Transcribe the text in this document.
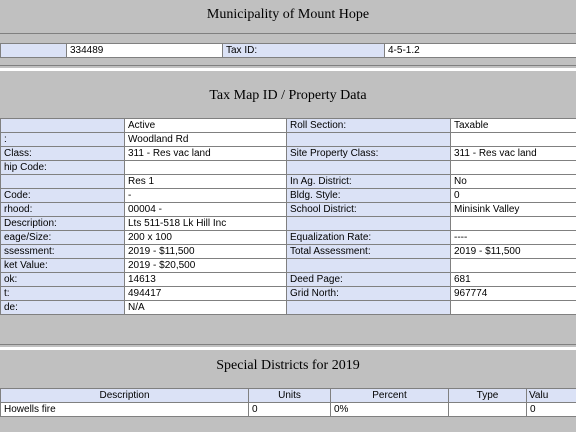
Municipality of Mount Hope
	334489	Tax ID:	4-5-1.2
Tax Map ID / Property Data
	Active	Roll Section:	Taxable
:	Woodland Rd		
Class:	311 - Res vac land	Site Property Class:	311 - Res vac land
hip Code:			
	Res 1	In Ag. District:	No
Code:	-	Bldg. Style:	0
rhood:	00004 -	School District:	Minisink Valley
Description:	Lts 511-518 Lk Hill Inc		
eage/Size:	200 x 100	Equalization Rate:	----
ssessment:	2019 - $11,500	Total Assessment:	2019 - $11,500
ket Value:	2019 - $20,500		
ok:	14613	Deed Page:	681
t:	494417	Grid North:	967774
de:	N/A		
Special Districts for 2019
Description	Units	Percent	Type	Valu
Howells fire	0	0%		0
